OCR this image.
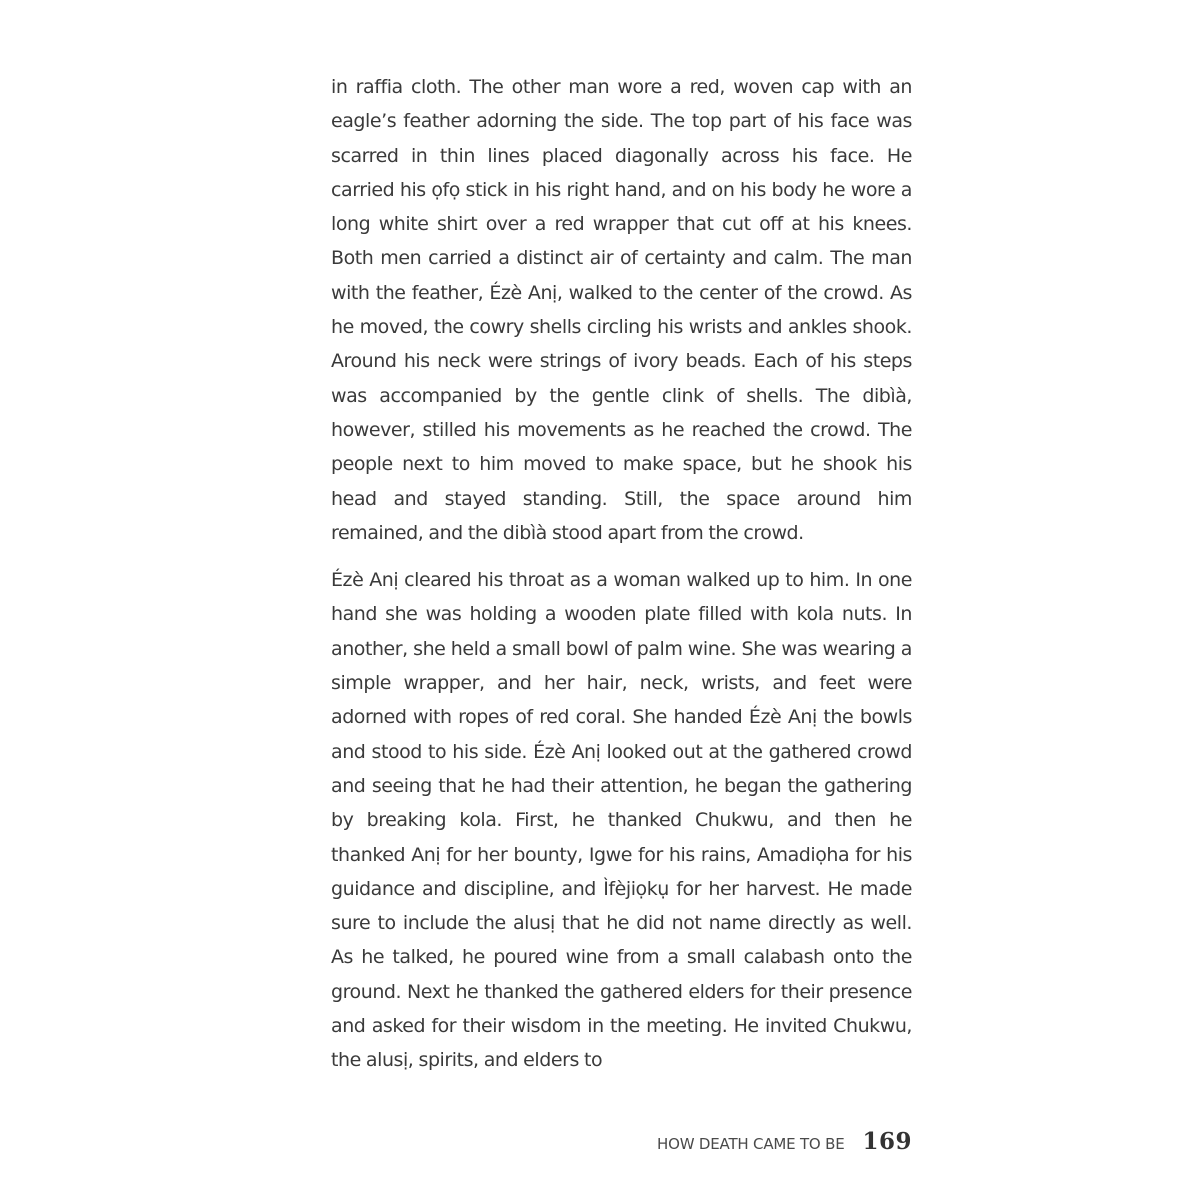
in raffia cloth. The other man wore a red, woven cap with an eagle’s feather adorning the side. The top part of his face was scarred in thin lines placed diagonally across his face. He carried his ọfọ stick in his right hand, and on his body he wore a long white shirt over a red wrapper that cut off at his knees. Both men carried a distinct air of certainty and calm. The man with the feather, Ézè Anị, walked to the center of the crowd. As he moved, the cowry shells circling his wrists and ankles shook. Around his neck were strings of ivory beads. Each of his steps was accompanied by the gentle clink of shells. The dibìà, however, stilled his movements as he reached the crowd. The people next to him moved to make space, but he shook his head and stayed standing. Still, the space around him remained, and the dibìà stood apart from the crowd.

Ézè Anị cleared his throat as a woman walked up to him. In one hand she was holding a wooden plate filled with kola nuts. In another, she held a small bowl of palm wine. She was wearing a simple wrapper, and her hair, neck, wrists, and feet were adorned with ropes of red coral. She handed Ézè Anị the bowls and stood to his side. Ézè Anị looked out at the gathered crowd and seeing that he had their attention, he began the gathering by breaking kola. First, he thanked Chukwu, and then he thanked Anị for her bounty, Igwe for his rains, Amadiọha for his guidance and discipline, and Ìfèjiọkụ for her harvest. He made sure to include the alusị that he did not name directly as well. As he talked, he poured wine from a small calabash onto the ground. Next he thanked the gathered elders for their presence and asked for their wisdom in the meeting. He invited Chukwu, the alusị, spirits, and elders to

HOW DEATH CAME TO BE 169
